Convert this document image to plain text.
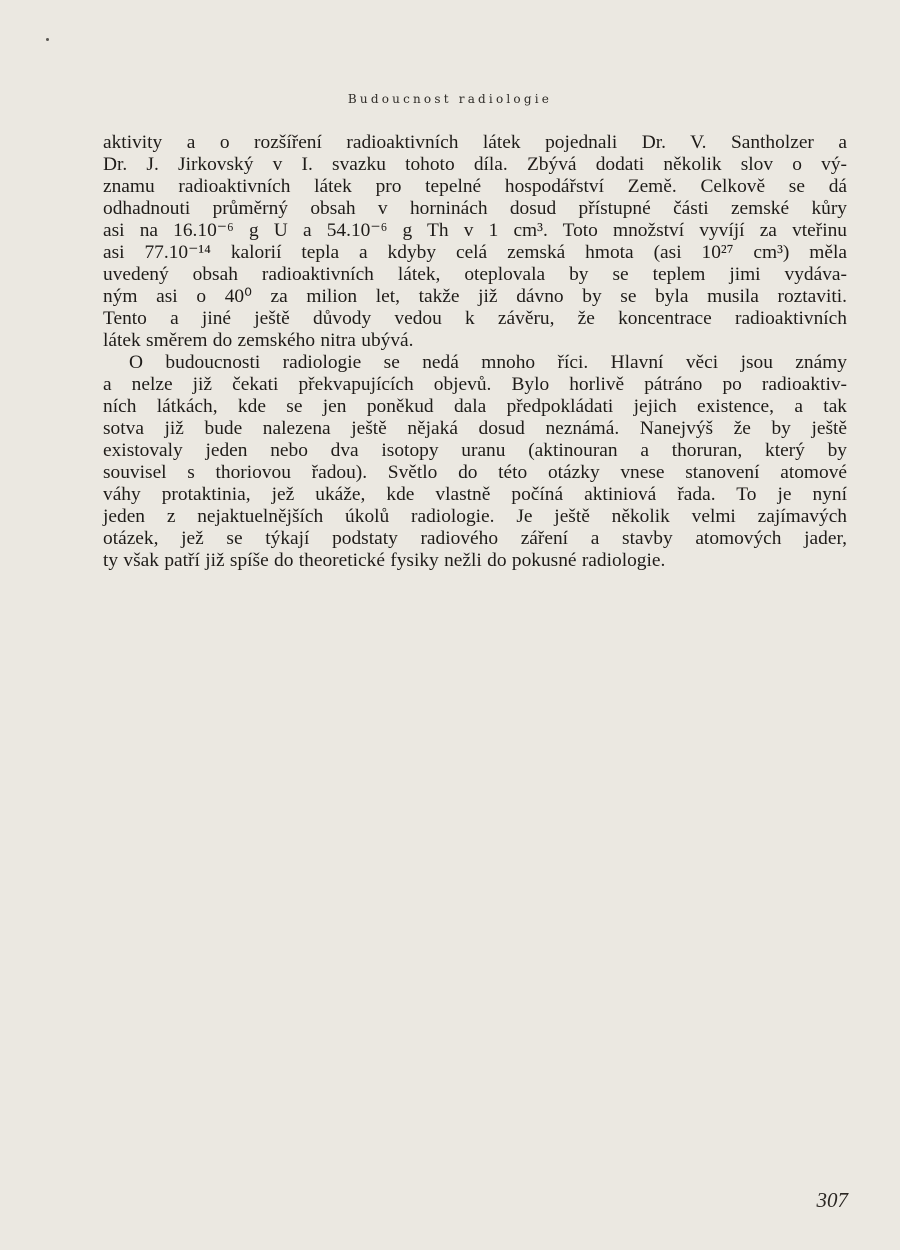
Budoucnost radiologie
aktivity a o rozšíření radioaktivních látek pojednali Dr. V. Santholzer a
Dr. J. Jirkovský v I. svazku tohoto díla. Zbývá dodati několik slov o vý-
znamu radioaktivních látek pro tepelné hospodářství Země. Celkově se dá
odhadnouti průměrný obsah v horninách dosud přístupné části zemské kůry
asi na 16.10⁻⁶ g U a 54.10⁻⁶ g Th v 1 cm³. Toto množství vyvíjí za vteřinu
asi 77.10⁻¹⁴ kalorií tepla a kdyby celá zemská hmota (asi 10²⁷ cm³) měla
uvedený obsah radioaktivních látek, oteplovala by se teplem jimi vydáva-
ným asi o 40⁰ za milion let, takže již dávno by se byla musila roztaviti.
Tento a jiné ještě důvody vedou k závěru, že koncentrace radioaktivních
látek směrem do zemského nitra ubývá.
O budoucnosti radiologie se nedá mnoho říci. Hlavní věci jsou známy
a nelze již čekati překvapujících objevů. Bylo horlivě pátráno po radioaktiv-
ních látkách, kde se jen poněkud dala předpokládati jejich existence, a tak
sotva již bude nalezena ještě nějaká dosud neznámá. Nanejvýš že by ještě
existovaly jeden nebo dva isotopy uranu (aktinouran a thoruran, který by
souvisel s thoriovou řadou). Světlo do této otázky vnese stanovení atomové
váhy protaktinia, jež ukáže, kde vlastně počíná aktiniová řada. To je nyní
jeden z nejaktuelnějších úkolů radiologie. Je ještě několik velmi zajímavých
otázek, jež se týkají podstaty radiového záření a stavby atomových jader,
ty však patří již spíše do theoretické fysiky nežli do pokusné radiologie.
307
